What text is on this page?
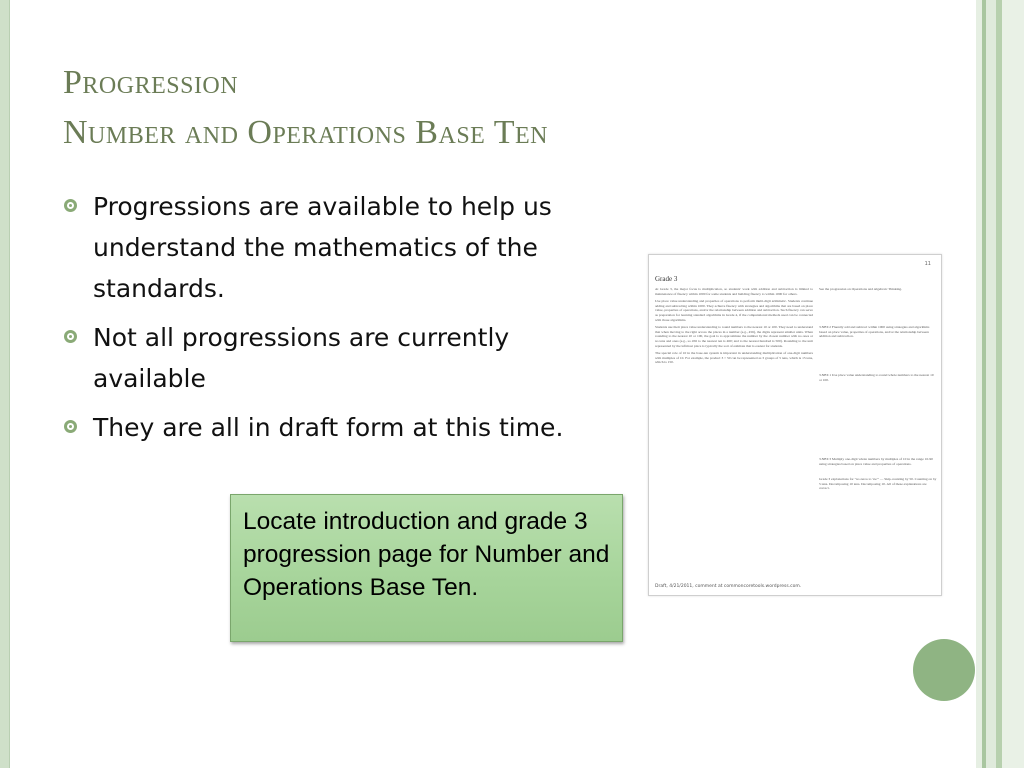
Progression
Number and Operations Base Ten
Progressions are available to help us understand the mathematics of the standards.
Not all progressions are currently available
They are all in draft form at this time.
11
Grade 3

At Grade 3, the major focus is multiplication, so students' work with addition and subtraction is limited to maintenance of fluency within 1000 for some students and building fluency to within 1000 for others.

Use place value understanding and properties of operations to perform multi-digit arithmetic. Students continue adding and subtracting within 1000. They achieve fluency with strategies and algorithms that are based on place value, properties of operations, and/or the relationship between addition and subtraction. Such fluency can serve as preparation for learning standard algorithms in Grade 4, if the computational methods used can be connected with those algorithms.

Students use their place value understanding to round numbers to the nearest 10 or 100. They need to understand that when moving to the right across the places in a number (e.g., 456), the digits represent smaller units. When rounding to the nearest 10 or 100, the goal is to approximate the number by the closest number with no ones or no tens and ones (e.g., so 456 to the nearest ten is 460; and to the nearest hundred is 500). Rounding to the unit represented by the leftmost place is typically the sort of estimate that is easiest for students.

The special role of 10 in the base-ten system is important in understanding multiplication of one-digit numbers with multiples of 10. For example, the product 3 × 50 can be represented as 3 groups of 5 tens, which is 15 tens, which is 150.

See the progression on Operations and Algebraic Thinking.
3.NBT.2 Fluently add and subtract within 1000 using strategies and algorithms based on place value, properties of operations, and/or the relationship between addition and subtraction.
3.NBT.1 Use place value understanding to round whole numbers to the nearest 10 or 100.
3.NBT.3 Multiply one-digit whole numbers by multiples of 10 in the range 10-90 using strategies based on place value and properties of operations.
Grade 3 explanations for "no zeros to 'aw'" — Skip-counting by 50. Counting on by 5 tens. Decomposing 10 tens. Decomposing 10. All of these explanations are correct.
Draft, 4/21/2011, comment at commoncoretools.wordpress.com.
Locate introduction and grade 3 progression page for Number and Operations Base Ten.
